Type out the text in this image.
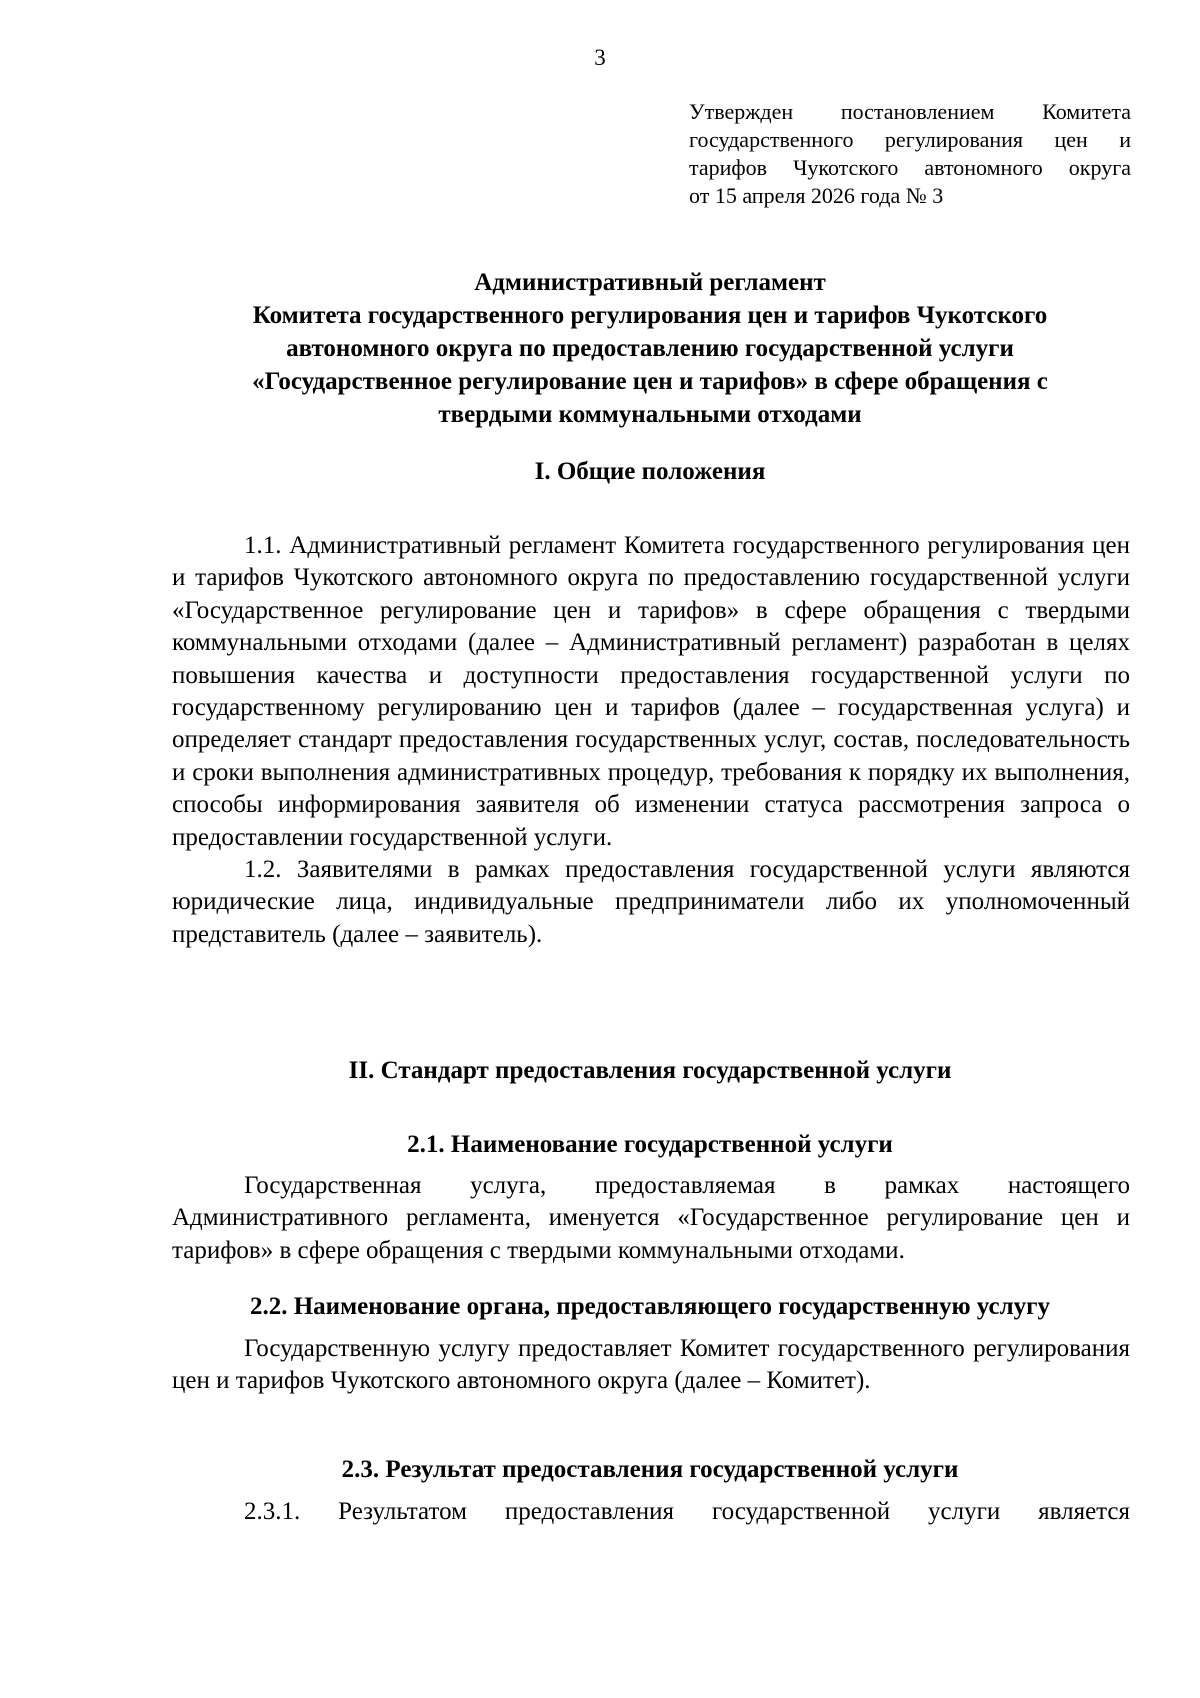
3
Утвержден постановлением Комитета
государственного регулирования цен и
тарифов Чукотского автономного округа
от 15 апреля 2026 года № 3
Административный регламент
Комитета государственного регулирования цен и тарифов Чукотского
автономного округа по предоставлению государственной услуги
«Государственное регулирование цен и тарифов» в сфере обращения с
твердыми коммунальными отходами
I. Общие положения

1.1. Административный регламент Комитета государственного регулирования цен и тарифов Чукотского автономного округа по предоставлению государственной услуги «Государственное регулирование цен и тарифов» в сфере обращения с твердыми коммунальными отходами (далее – Административный регламент) разработан в целях повышения качества и доступности предоставления государственной услуги по государственному регулированию цен и тарифов (далее – государственная услуга) и определяет стандарт предоставления государственных услуг, состав, последовательность и сроки выполнения административных процедур, требования к порядку их выполнения, способы информирования заявителя об изменении статуса рассмотрения запроса о предоставлении государственной услуги.

1.2. Заявителями в рамках предоставления государственной услуги являются юридические лица, индивидуальные предприниматели либо их уполномоченный представитель (далее – заявитель).

II. Стандарт предоставления государственной услуги
2.1. Наименование государственной услуги

Государственная услуга, предоставляемая в рамках настоящего Административного регламента, именуется «Государственное регулирование цен и тарифов» в сфере обращения с твердыми коммунальными отходами.

2.2. Наименование органа, предоставляющего государственную услугу

Государственную услугу предоставляет Комитет государственного регулирования цен и тарифов Чукотского автономного округа (далее – Комитет).

2.3. Результат предоставления государственной услуги

2.3.1. Результатом предоставления государственной услуги является
